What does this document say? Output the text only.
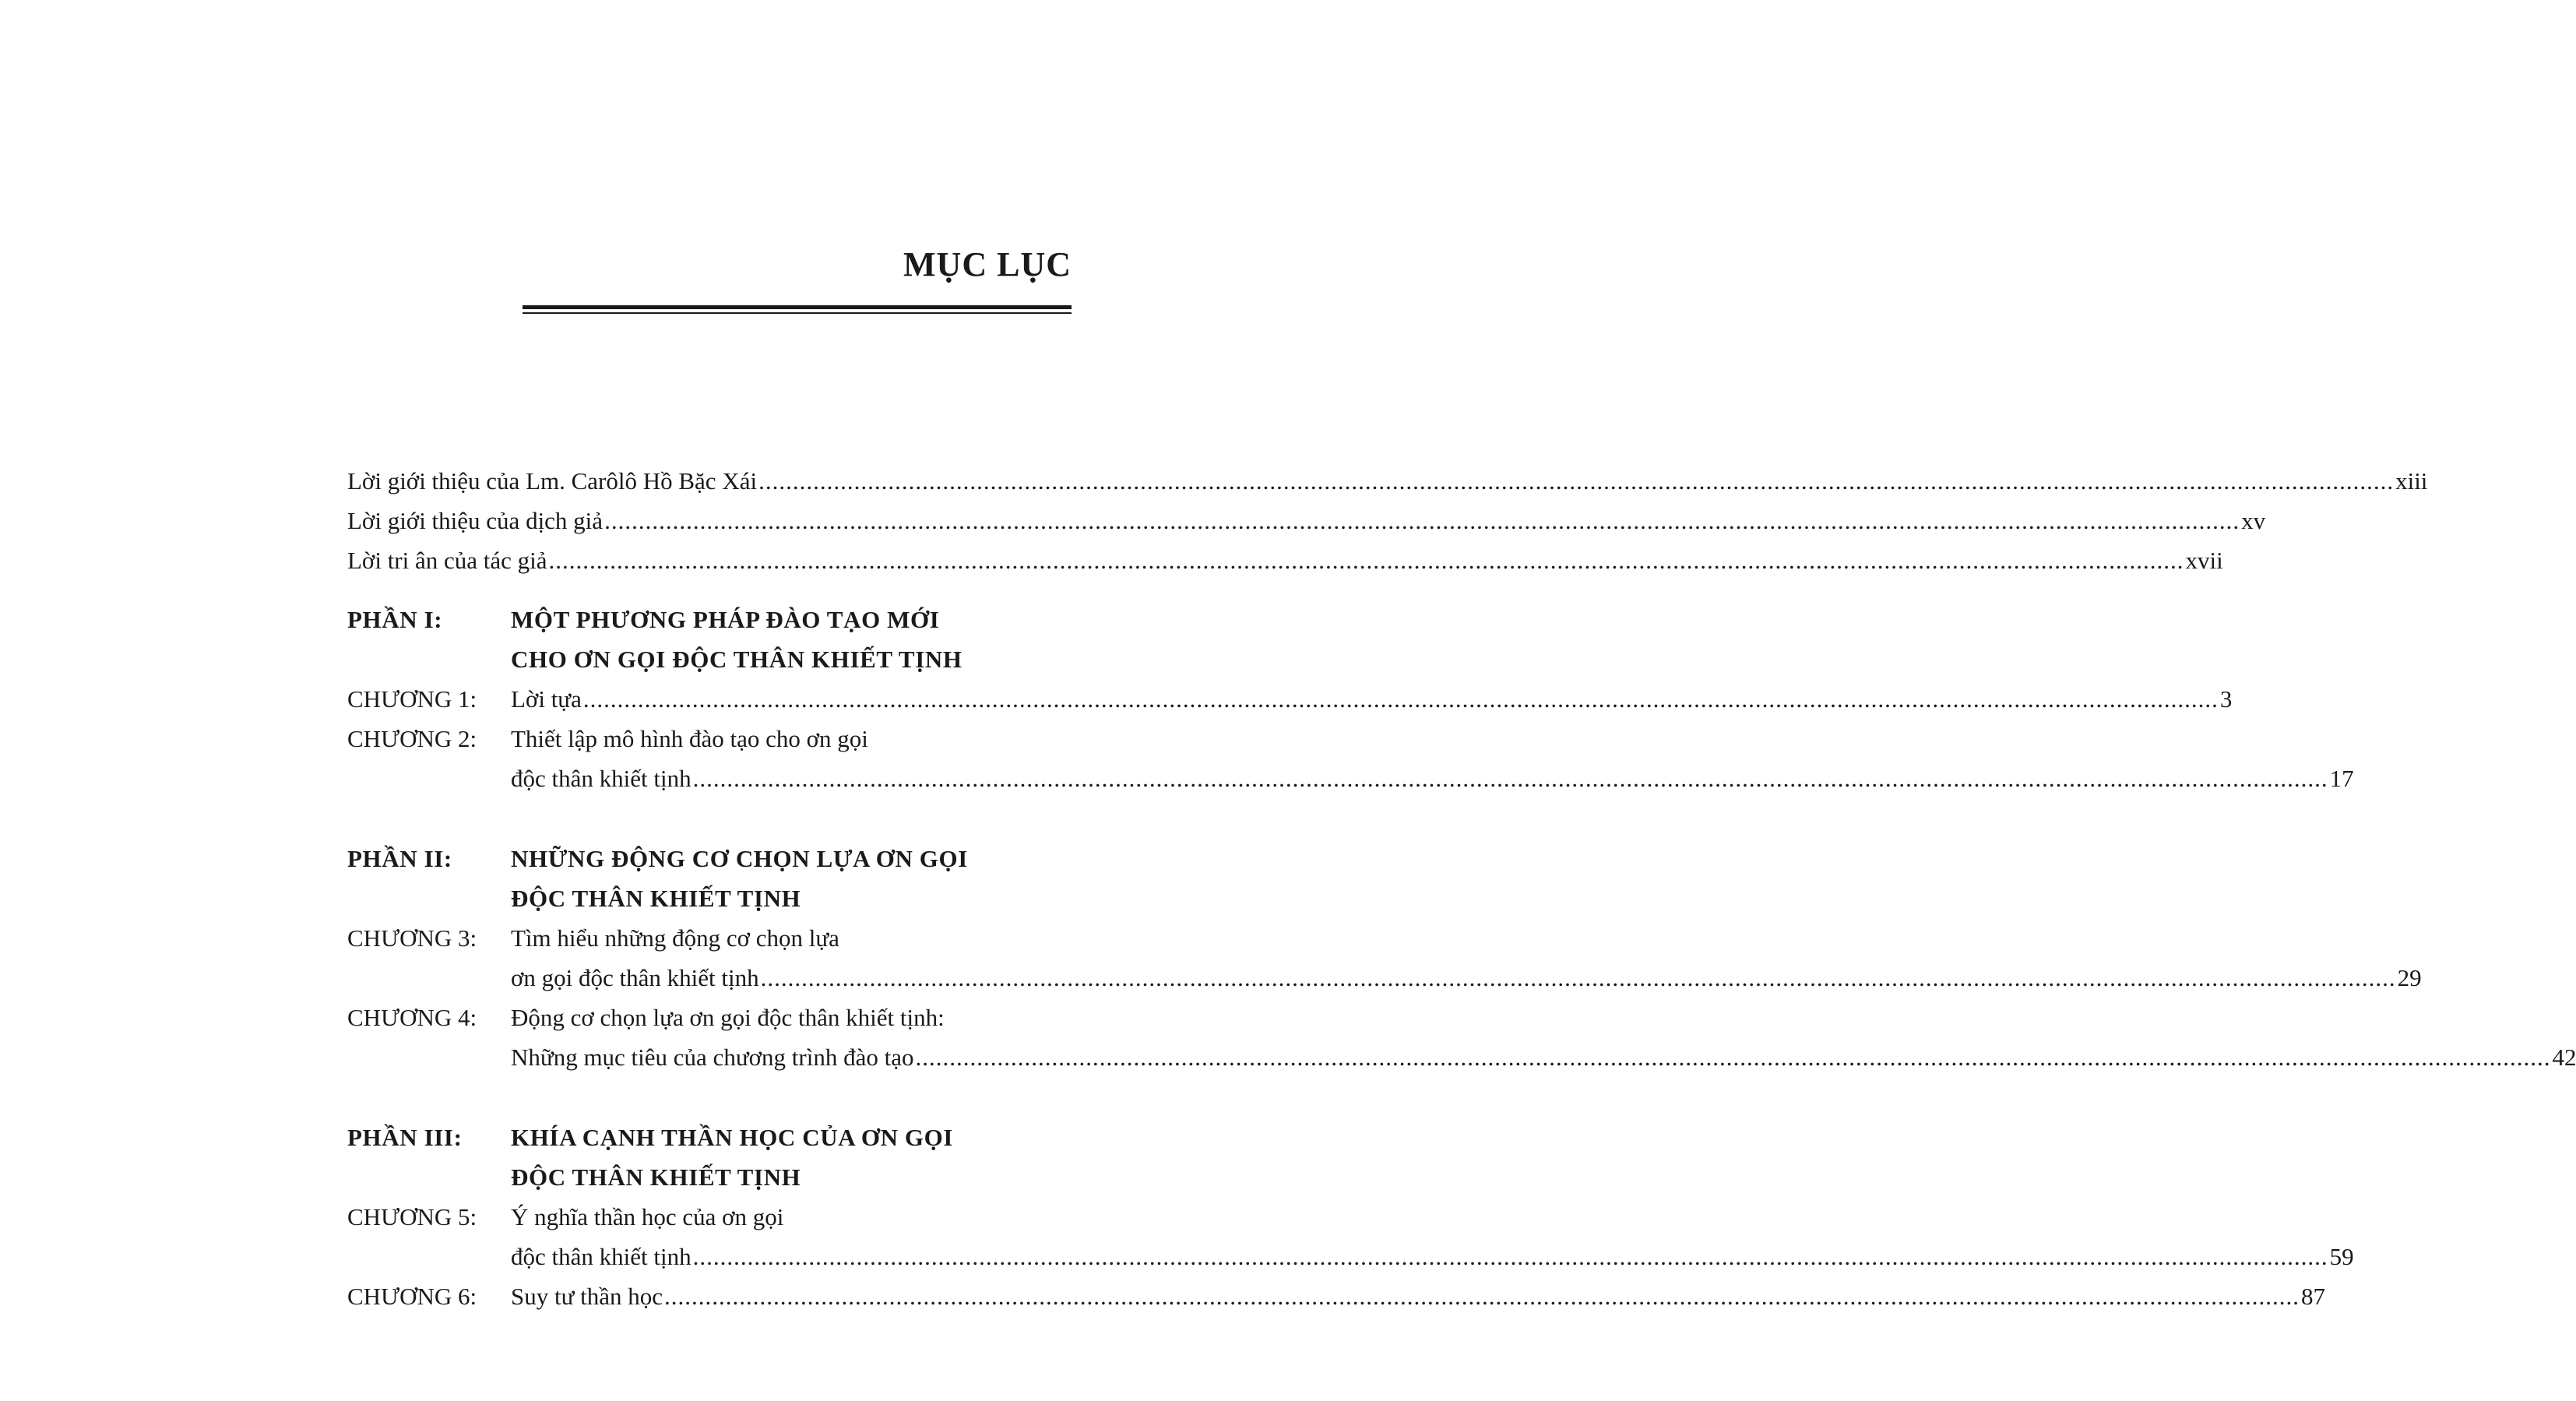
MỤC LỤC
Lời giới thiệu của Lm. Carôlô Hồ Bặc Xái .....	xiii
Lời giới thiệu của dịch giả .....	xv
Lời tri ân của tác giả .....	xvii
PHẦN I:	MỘT PHƯƠNG PHÁP ĐÀO TẠO MỚI
CHO ƠN GỌI ĐỘC THÂN KHIẾT TỊNH
CHƯƠNG 1:	Lời tựa .....	3
CHƯƠNG 2:	Thiết lập mô hình đào tạo cho ơn gọi
độc thân khiết tịnh .....	17
PHẦN II:	NHỮNG ĐỘNG CƠ CHỌN LỰA ƠN GỌI
ĐỘC THÂN KHIẾT TỊNH
CHƯƠNG 3:	Tìm hiểu những động cơ chọn lựa
ơn gọi độc thân khiết tịnh .....	29
CHƯƠNG 4:	Động cơ chọn lựa ơn gọi độc thân khiết tịnh:
Những mục tiêu của chương trình đào tạo .....	42
PHẦN III:	KHÍA CẠNH THẦN HỌC CỦA ƠN GỌI
ĐỘC THÂN KHIẾT TỊNH
CHƯƠNG 5:	Ý nghĩa thần học của ơn gọi
độc thân khiết tịnh .....	59
CHƯƠNG 6:	Suy tư thần học .....	87
